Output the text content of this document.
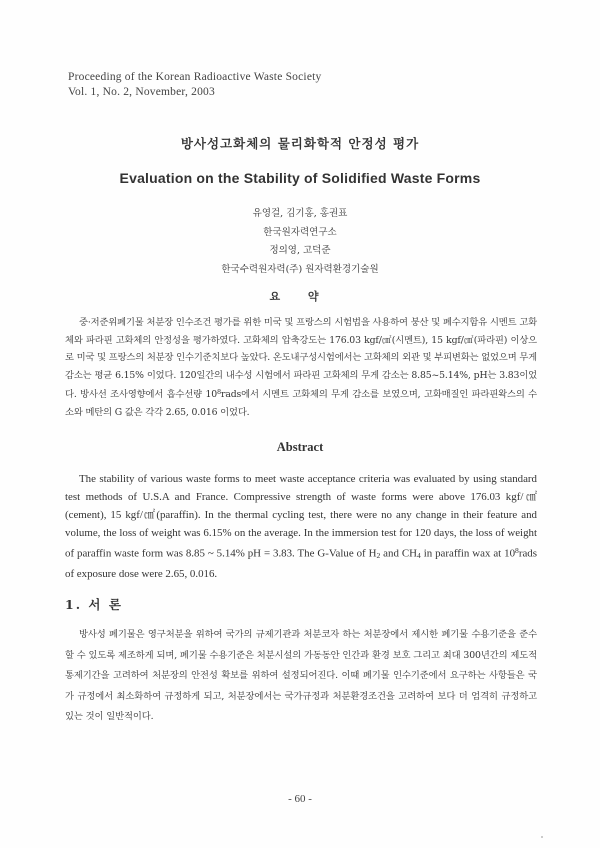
Proceeding of the Korean Radioactive Waste Society
Vol. 1, No. 2, November, 2003
방사성고화체의 물리화학적 안정성 평가
Evaluation on the Stability of Solidified Waste Forms
유영걸, 김기홍, 홍권표
한국원자력연구소
정의영, 고덕준
한국수력원자력(주) 원자력환경기술원
요 약
중·저준위폐기물 처분장 인수조건 평가를 위한 미국 및 프랑스의 시험법을 사용하여 붕산 및 폐수지함유 시멘트 고화체와 파라핀 고화체의 안정성을 평가하였다. 고화체의 압축강도는 176.03 kgf/㎠(시멘트), 15 kgf/㎠(파라핀) 이상으로 미국 및 프랑스의 처분장 인수기준치보다 높았다. 온도내구성시험에서는 고화체의 외관 및 부피변화는 없었으며 무게 감소는 평균 6.15% 이었다. 120일간의 내수성 시험에서 파라핀 고화체의 무게 감소는 8.85~5.14%, pH는 3.83이었다. 방사선 조사영향에서 흡수선량 $10^8rads$에서 시멘트 고화체의 무게 감소를 보였으며, 고화매질인 파라핀왁스의 수소와 메탄의 G 값은 각각 2.65, 0.016 이었다.
Abstract
The stability of various waste forms to meet waste acceptance criteria was evaluated by using standard test methods of U.S.A and France. Compressive strength of waste forms were above 176.03 kgf/㎠(cement), 15 kgf/㎠(paraffin). In the thermal cycling test, there were no any change in their feature and volume, the loss of weight was 6.15% on the average. In the immersion test for 120 days, the loss of weight of paraffin waste form was 8.85 ~ 5.14% pH = 3.83. The G-Value of $H_2$ and $CH_4$ in paraffin wax at $10^8rads$ of exposure dose were 2.65, 0.016.
1. 서 론
방사성 폐기물은 영구처분을 위하여 국가의 규제기관과 처분코자 하는 처분장에서 제시한 폐기물 수용기준을 준수할 수 있도록 제조하게 되며, 폐기물 수용기준은 처분시설의 가동동안 인간과 환경 보호 그리고 최대 300년간의 제도적 통제기간을 고려하여 처분장의 안전성 확보를 위하여 설정되어진다. 이때 폐기물 인수기준에서 요구하는 사항들은 국가 규정에서 최소화하여 규정하게 되고, 처분장에서는 국가규정과 처분환경조건을 고려하여 보다 더 엄격히 규정하고 있는 것이 일반적이다.
- 60 -
